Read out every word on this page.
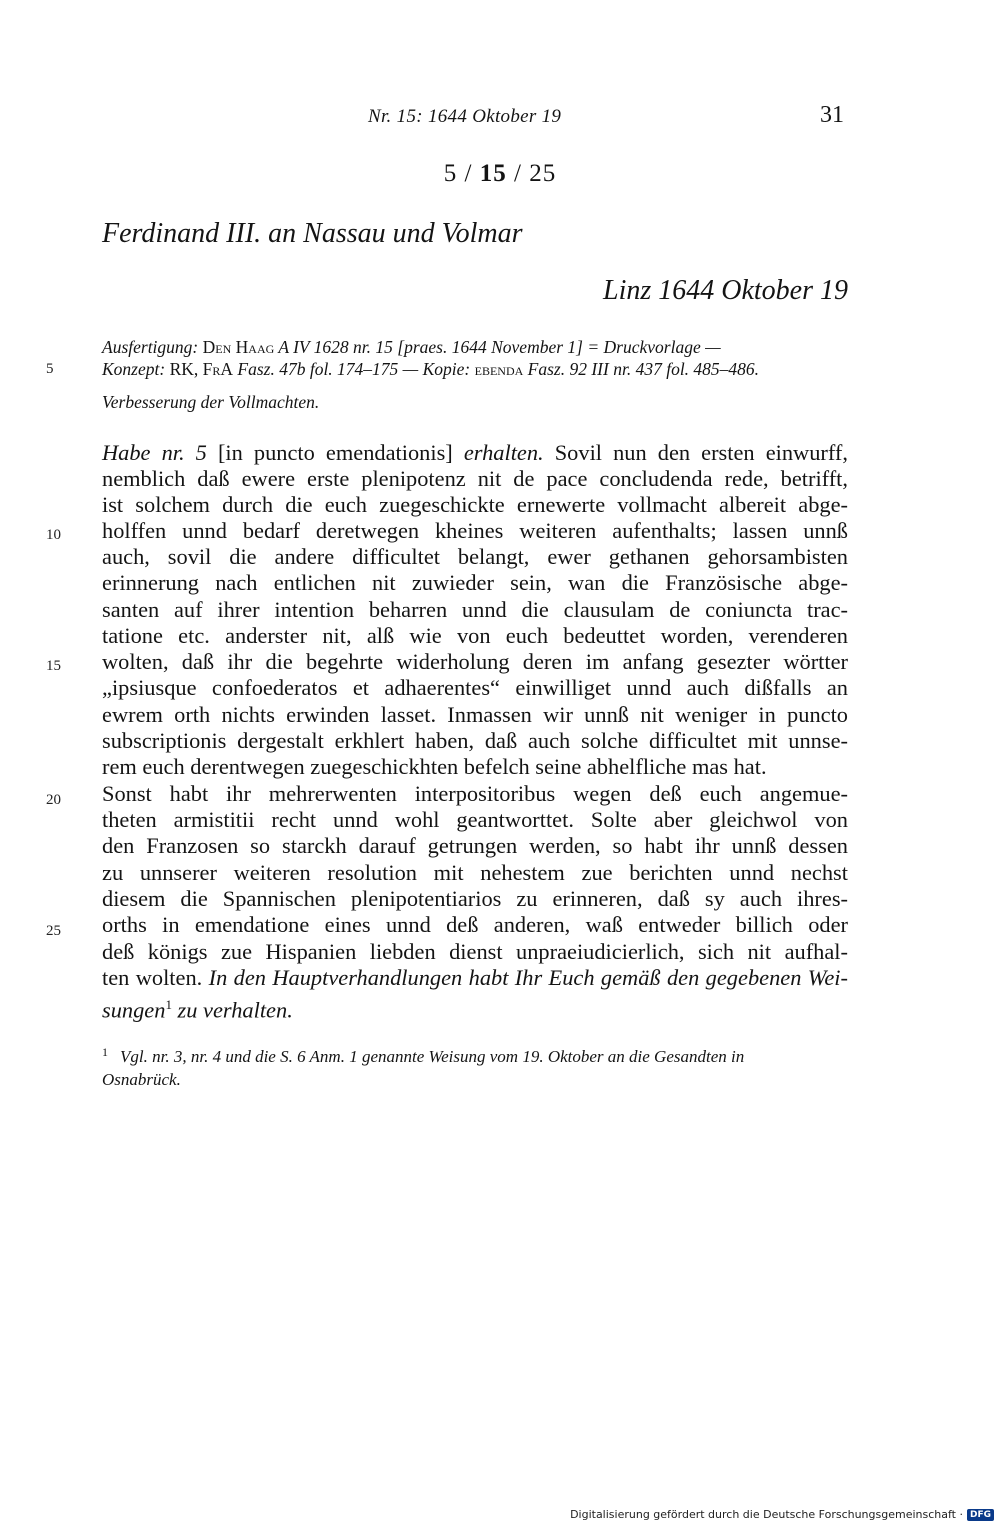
Nr. 15: 1644 Oktober 19	31
5 / 15 / 25
Ferdinand III. an Nassau und Volmar
Linz 1644 Oktober 19
Ausfertigung: Den Haag A IV 1628 nr. 15 [praes. 1644 November 1] = Druckvorlage —
Konzept: RK, FrA Fasz. 47b fol. 174–175 — Kopie: ebenda Fasz. 92 III nr. 437 fol. 485–486.
Verbesserung der Vollmachten.
5
10
15
20
25
Habe nr. 5 [in puncto emendationis] erhalten. Sovil nun den ersten einwurff,
nemblich daß ewere erste plenipotenz nit de pace concludenda rede, betrifft,
ist solchem durch die euch zuegeschickte ernewerte vollmacht albereit abge-
holffen unnd bedarf deretwegen kheines weiteren aufenthalts; lassen unnß
auch, sovil die andere difficultet belangt, ewer gethanen gehorsambisten
erinnerung nach entlichen nit zuwieder sein, wan die Französische abge-
santen auf ihrer intention beharren unnd die clausulam de coniuncta trac-
tatione etc. anderster nit, alß wie von euch bedeuttet worden, verenderen
wolten, daß ihr die begehrte widerholung deren im anfang gesezter wörtter
„ipsiusque confoederatos et adhaerentes“ einwilliget unnd auch dißfalls an
ewrem orth nichts erwinden lasset. Inmassen wir unnß nit weniger in puncto
subscriptionis dergestalt erkhlert haben, daß auch solche difficultet mit unnse-
rem euch derentwegen zuegeschickhten befelch seine abhelfliche mas hat.
Sonst habt ihr mehrerwenten interpositoribus wegen deß euch angemue-
theten armistitii recht unnd wohl geantworttet. Solte aber gleichwol von
den Franzosen so starckh darauf getrungen werden, so habt ihr unnß dessen
zu unnserer weiteren resolution mit nehestem zue berichten unnd nechst
diesem die Spannischen plenipotentiarios zu erinneren, daß sy auch ihres-
orths in emendatione eines unnd deß anderen, waß entweder billich oder
deß königs zue Hispanien liebden dienst unpraeiudicierlich, sich nit aufhal-
ten wolten. In den Hauptverhandlungen habt Ihr Euch gemäß den gegebenen Wei-
sungen$^1$ zu verhalten.
$^1$ Vgl. nr. 3, nr. 4 und die S. 6 Anm. 1 genannte Weisung vom 19. Oktober an die Gesandten in
Osnabrück.
Digitalisierung gefördert durch die Deutsche Forschungsgemeinschaft · DFG
